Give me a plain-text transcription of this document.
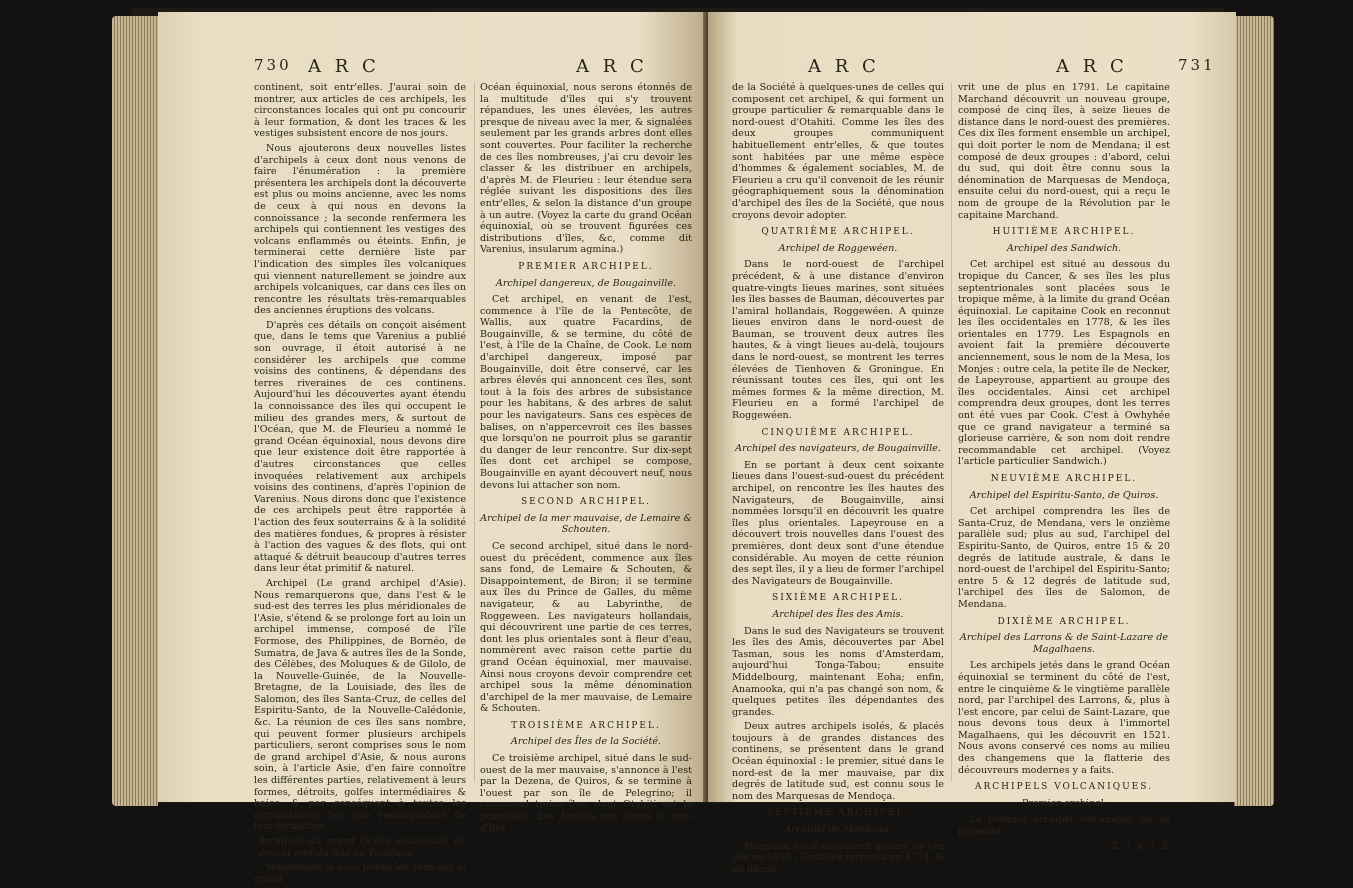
730 A R C	A R C

continent, soit entr'elles. J'aurai soin de montrer, aux articles de ces archipels, les circonstances locales qui ont pu concourir à leur formation, & dont les traces & les vestiges subsistent encore de nos jours.

Nous ajouterons deux nouvelles listes d'archipels à ceux dont nous venons de faire l'énumération : la première présentera les archipels dont la découverte est plus ou moins ancienne, avec les noms de ceux à qui nous en devons la connoissance ; la seconde renfermera les archipels qui contiennent les vestiges des volcans enflammés ou éteints. Enfin, je terminerai cette dernière liste par l'indication des simples îles volcaniques qui viennent naturellement se joindre aux archipels volcaniques, car dans ces îles on rencontre les résultats très-remarquables des anciennes éruptions des volcans.

D'après ces détails on conçoit aisément que, dans le tems que Varenius a publié son ouvrage, il étoit autorisé à ne considérer les archipels que comme voisins des continens, & dépendans des terres riveraines de ces continens. Aujourd'hui les découvertes ayant étendu la connoissance des îles qui occupent le milieu des grandes mers, & surtout de l'Océan, que M. de Fleurieu a nommé le grand Océan équinoxial, nous devons dire que leur existence doit être rapportée à d'autres circonstances que celles invoquées relativement aux archipels voisins des continens, d'après l'opinion de Varenius. Nous dirons donc que l'existence de ces archipels peut être rapportée à l'action des feux souterrains & à la solidité des matières fondues, & propres à résister à l'action des vagues & des flots, qui ont attaqué & détruit beaucoup d'autres terres dans leur état primitif & naturel.

Archipel (Le grand archipel d'Asie). Nous remarquerons que, dans l'est & le sud-est des terres les plus méridionales de l'Asie, s'étend & se prolonge fort au loin un archipel immense, composé de l'île Formose, des Philippines, de Bornéo, de Sumatra, de Java & autres îles de la Sonde, des Célèbes, des Moluques & de Gilolo, de la Nouvelle-Guinée, de la Nouvelle-Bretagne, de la Louisiade, des îles de Salomon, des îles Santa-Cruz, de celles del Espiritu-Santo, de la Nouvelle-Calédonie, &c. La réunion de ces îles sans nombre, qui peuvent former plusieurs archipels particuliers, seront comprises sous le nom de grand archipel d'Asie, & nous aurons soin, à l'article Asie, d'en faire connoître les différentes parties, relativement à leurs formes, détroits, golfes intermédiaires & baies, & par conséquent à toutes les circonstances les plus remarquables de leur formation.

Archipels du grand Océan équinoxial, ci-devant mer du Sud ou Pacifique.

Maintenant si nous jetons les yeux sur le grand

Océan équinoxial, nous serons étonnés de la multitude d'îles qui s'y trouvent répandues, les unes élevées, les autres presque de niveau avec la mer, & signalées seulement par les grands arbres dont elles sont couvertes. Pour faciliter la recherche de ces îles nombreuses, j'ai cru devoir les classer & les distribuer en archipels, d'après M. de Fleurieu : leur étendue sera réglée suivant les dispositions des îles entr'elles, & selon la distance d'un groupe à un autre. (Voyez la carte du grand Océan équinoxial, où se trouvent figurées ces distributions d'îles, &c, comme dit Varenius, insularum agmina.)

PREMIER ARCHIPEL.
Archipel dangereux, de Bougainville.

Cet archipel, en venant de l'est, commence à l'île de la Pentecôte, de Wallis, aux quatre Facardins, de Bougainville, & se termine, du côté de l'est, à l'île de la Chaîne, de Cook. Le nom d'archipel dangereux, imposé par Bougainville, doit être conservé, car les arbres élevés qui annoncent ces îles, sont tout à la fois des arbres de subsistance pour les habitans, & des arbres de salut pour les navigateurs. Sans ces espèces de balises, on n'appercevroit ces îles basses que lorsqu'on ne pourroit plus se garantir du danger de leur rencontre. Sur dix-sept îles dont cet archipel se compose, Bougainville en ayant découvert neuf, nous devons lui attacher son nom.

SECOND ARCHIPEL.
Archipel de la mer mauvaise, de Lemaire & Schouten.

Ce second archipel, situé dans le nord-ouest du précédent, commence aux îles sans fond, de Lemaire & Schouten, & Disappointement, de Biron; il se termine aux îles du Prince de Galles, du même navigateur, & au Labyrinthe, de Roggeween. Les navigateurs hollandais, qui découvrirent une partie de ces terres, dont les plus orientales sont à fleur d'eau, nommèrent avec raison cette partie du grand Océan équinoxial, mer mauvaise. Ainsi nous croyons devoir comprendre cet archipel sous la même dénomination d'archipel de la mer mauvaise, de Lemaire & Schouten.

TROISIÈME ARCHIPEL.
Archipel des Îles de la Société.

Ce troisième archipel, situé dans le sud-ouest de la mer mauvaise, s'annonce à l'est par la Dezena, de Quiros, & se termine à l'ouest par son île de Pelegrino; il comprend treize îles, dont Otahiti est la principale. Les Anglais ont donné le nom d'îles

A R C	A R C	731

de la Société à quelques-unes de celles qui composent cet archipel, & qui forment un groupe particulier & remarquable dans le nord-ouest d'Otahiti. Comme les îles des deux groupes communiquent habituellement entr'elles, & que toutes sont habitées par une même espèce d'hommes & également sociables, M. de Fleurieu a cru qu'il convenoit de les réunir géographiquement sous la dénomination d'archipel des îles de la Société, que nous croyons devoir adopter.

QUATRIÈME ARCHIPEL.
Archipel de Roggewéen.

Dans le nord-ouest de l'archipel précédent, & à une distance d'environ quatre-vingts lieues marines, sont situées les îles basses de Bauman, découvertes par l'amiral hollandais, Roggewéen. A quinze lieues environ dans le nord-ouest de Bauman, se trouvent deux autres îles hautes, & à vingt lieues au-delà, toujours dans le nord-ouest, se montrent les terres élevées de Tienhoven & Groningue. En réunissant toutes ces îles, qui ont les mêmes formes & la même direction, M. Fleurieu en a formé l'archipel de Roggewéen.

CINQUIÈME ARCHIPEL.
Archipel des navigateurs, de Bougainville.

En se portant à deux cent soixante lieues dans l'ouest-sud-ouest du précédent archipel, on rencontre les îles hautes des Navigateurs, de Bougainville, ainsi nommées lorsqu'il en découvrit les quatre îles plus orientales. Lapeyrouse en a découvert trois nouvelles dans l'ouest des premières, dont deux sont d'une étendue considérable. Au moyen de cette réunion des sept îles, il y a lieu de former l'archipel des Navigateurs de Bougainville.

SIXIÈME ARCHIPEL.
Archipel des Îles des Amis.

Dans le sud des Navigateurs se trouvent les îles des Amis, découvertes par Abel Tasman, sous les noms d'Amsterdam, aujourd'hui Tonga-Tabou; ensuite Middelbourg, maintenant Eoha; enfin, Anamooka, qui n'a pas changé son nom, & quelques petites îles dépendantes des grandes.

Deux autres archipels isolés, & placés toujours à de grandes distances des continens, se présentent dans le grand Océan équinoxial : le premier, situé dans le nord-est de la mer mauvaise, par dix degrés de latitude sud, est connu sous le nom des Marquesas de Mendoça.

SEPTIÈME ARCHIPEL.
Archipel de Mendana.

Mendana avoit découvert quatre de ces îles en 1595 : Cook les retrouva en 1774, & en décou-

vrit une de plus en 1791. Le capitaine Marchand découvrit un nouveau groupe, composé de cinq îles, à seize lieues de distance dans le nord-ouest des premières. Ces dix îles forment ensemble un archipel, qui doit porter le nom de Mendana; il est composé de deux groupes : d'abord, celui du sud, qui doit être connu sous la dénomination de Marquesas de Mendoça, ensuite celui du nord-ouest, qui a reçu le nom de groupe de la Révolution par le capitaine Marchand.

HUITIÈME ARCHIPEL.
Archipel des Sandwich.

Cet archipel est situé au dessous du tropique du Cancer, & ses îles les plus septentrionales sont placées sous le tropique même, à la limite du grand Océan équinoxial. Le capitaine Cook en reconnut les îles occidentales en 1778, & les îles orientales en 1779. Les Espagnols en avoient fait la première découverte anciennement, sous le nom de la Mesa, los Monjes : outre cela, la petite île de Necker, de Lapeyrouse, appartient au groupe des îles occidentales. Ainsi cet archipel comprendra deux groupes, dont les terres ont été vues par Cook. C'est à Owhyhée que ce grand navigateur a terminé sa glorieuse carrière, & son nom doit rendre recommandable cet archipel. (Voyez l'article particulier Sandwich.)

NEUVIÈME ARCHIPEL.
Archipel del Espiritu-Santo, de Quiros.

Cet archipel comprendra les îles de Santa-Cruz, de Mendana, vers le onzième parallèle sud; plus au sud, l'archipel del Espiritu-Santo, de Quiros, entre 15 & 20 degrés de latitude australe, & dans le nord-ouest de l'archipel del Espiritu-Santo; entre 5 & 12 degrés de latitude sud, l'archipel des îles de Salomon, de Mendana.

DIXIÈME ARCHIPEL.
Archipel des Larrons & de Saint-Lazare de Magalhaens.

Les archipels jetés dans le grand Océan équinoxial se terminent du côté de l'est, entre le cinquième & le vingtième parallèle nord, par l'archipel des Larrons, &, plus à l'est encore, par celui de Saint-Lazare, que nous devons tous deux à l'immortel Magalhaens, qui les découvrit en 1521. Nous avons conservé ces noms au milieu des changemens que la flatterie des découvreurs modernes y a faits.

ARCHIPELS VOLCANIQUES.
Premier archipel.

Le premier archipel volcanique qui se présente

Z z z z 2
